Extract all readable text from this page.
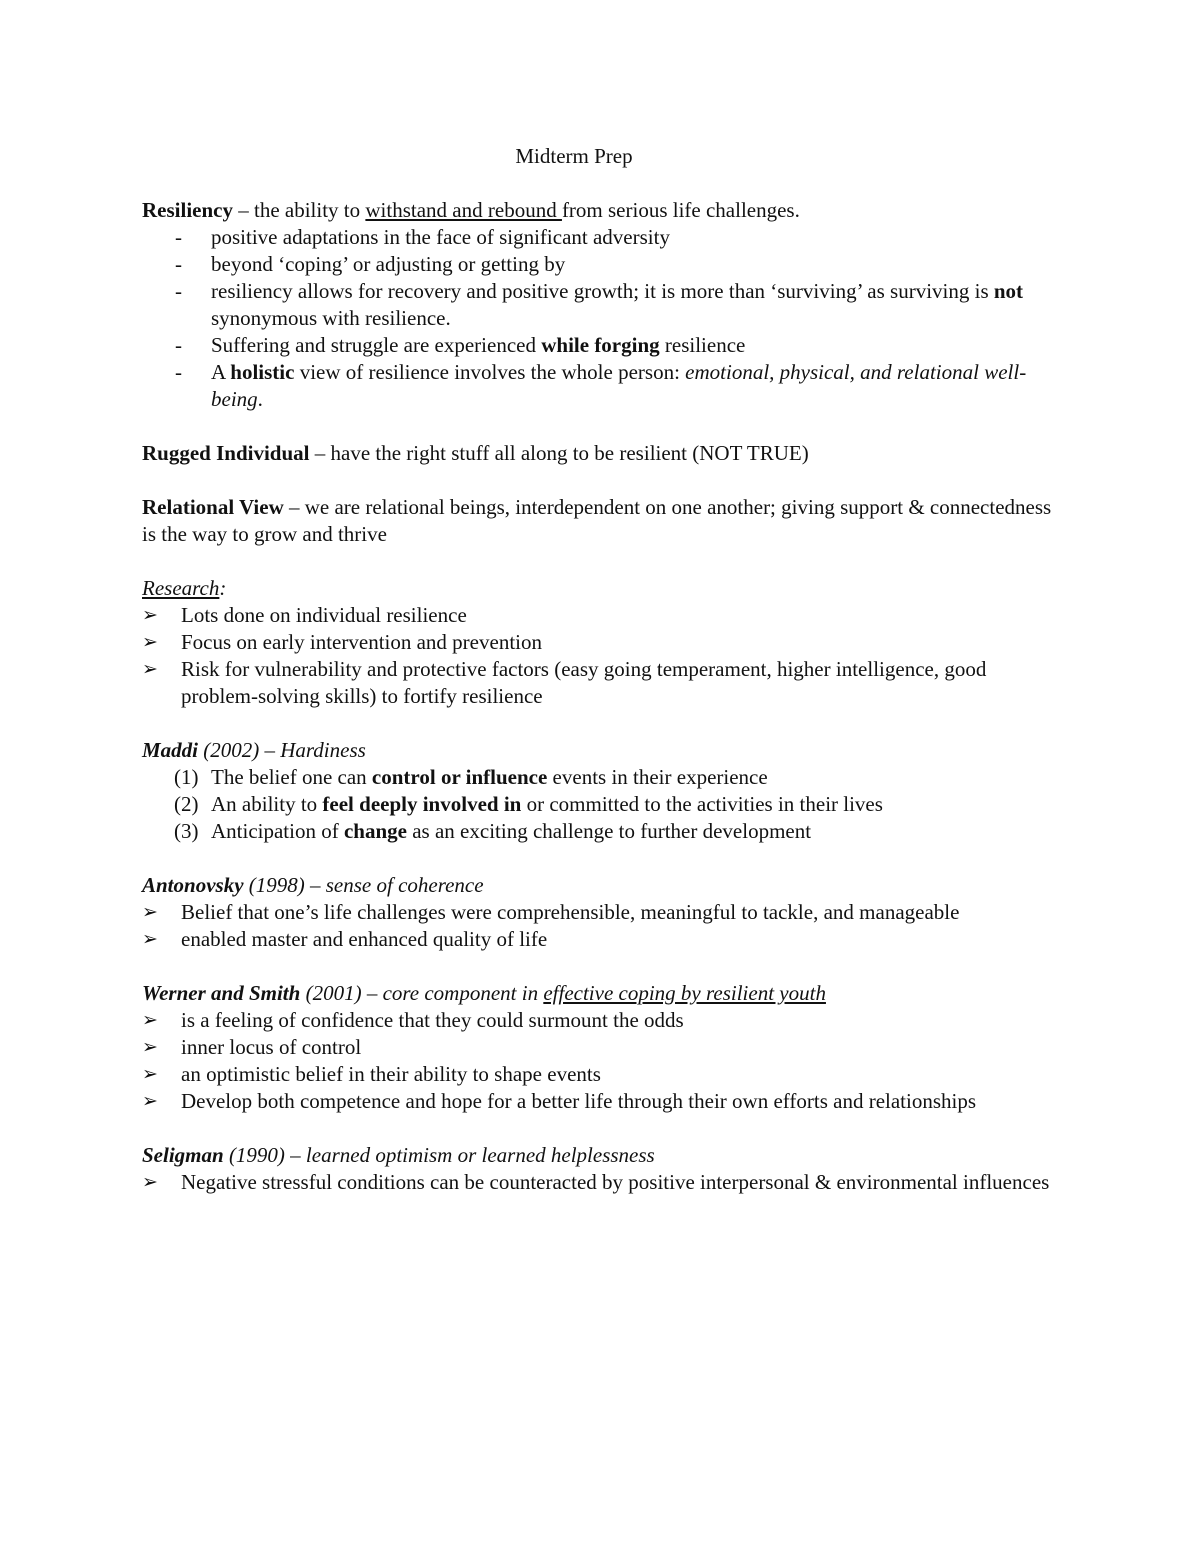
Midterm Prep

Resiliency – the ability to withstand and rebound from serious life challenges.

- positive adaptations in the face of significant adversity
- beyond ‘coping’ or adjusting or getting by
- resiliency allows for recovery and positive growth; it is more than ‘surviving’ as surviving is not synonymous with resilience.
- Suffering and struggle are experienced while forging resilience
- A holistic view of resilience involves the whole person: emotional, physical, and relational well-being.

Rugged Individual – have the right stuff all along to be resilient (NOT TRUE)

Relational View – we are relational beings, interdependent on one another; giving support & connectedness is the way to grow and thrive

Research:

➢ Lots done on individual resilience
➢ Focus on early intervention and prevention
➢ Risk for vulnerability and protective factors (easy going temperament, higher intelligence, good problem-solving skills) to fortify resilience

Maddi (2002) – Hardiness

(1) The belief one can control or influence events in their experience
(2) An ability to feel deeply involved in or committed to the activities in their lives
(3) Anticipation of change as an exciting challenge to further development

Antonovsky (1998) – sense of coherence

➢ Belief that one’s life challenges were comprehensible, meaningful to tackle, and manageable
➢ enabled master and enhanced quality of life

Werner and Smith (2001) – core component in effective coping by resilient youth

➢ is a feeling of confidence that they could surmount the odds
➢ inner locus of control
➢ an optimistic belief in their ability to shape events
➢ Develop both competence and hope for a better life through their own efforts and relationships

Seligman (1990) – learned optimism or learned helplessness

➢ Negative stressful conditions can be counteracted by positive interpersonal & environmental influences
